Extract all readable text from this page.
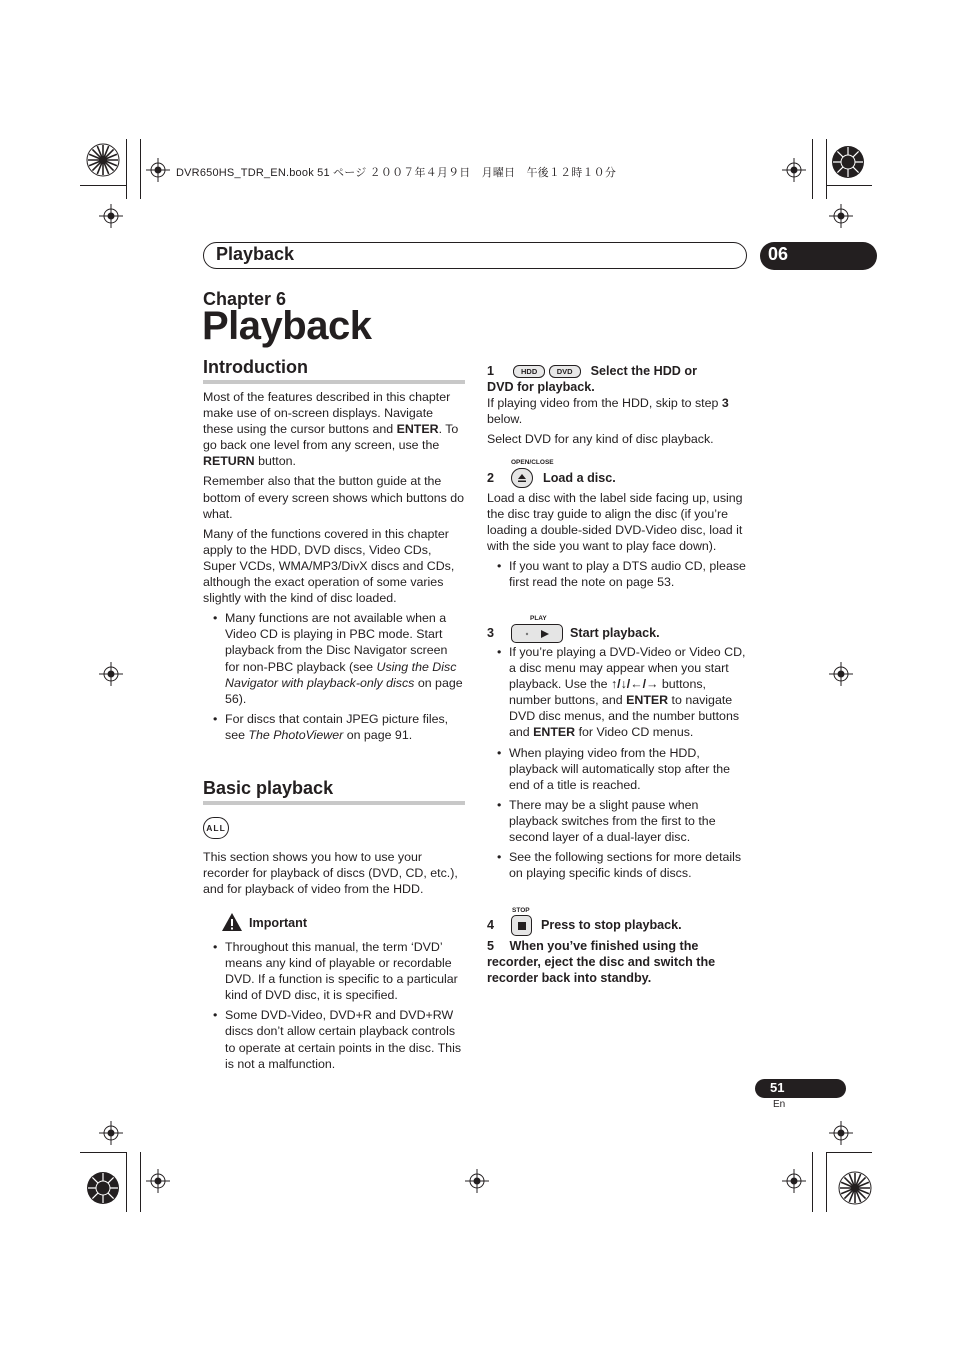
DVR650HS_TDR_EN.book 51 ページ ２００７年４月９日　月曜日　午後１２時１０分
Playback	06
Chapter 6
Playback
Introduction

Most of the features described in this chapter make use of on-screen displays. Navigate these using the cursor buttons and ENTER. To go back one level from any screen, use the RETURN button.

Remember also that the button guide at the bottom of every screen shows which buttons do what.

Many of the functions covered in this chapter apply to the HDD, DVD discs, Video CDs, Super VCDs, WMA/MP3/DivX discs and CDs, although the exact operation of some varies slightly with the kind of disc loaded.

• Many functions are not available when a Video CD is playing in PBC mode. Start playback from the Disc Navigator screen for non-PBC playback (see Using the Disc Navigator with playback-only discs on page 56).
• For discs that contain JPEG picture files, see The PhotoViewer on page 91.
Basic playback
ALL

This section shows you how to use your recorder for playback of discs (DVD, CD, etc.), and for playback of video from the HDD.

Important
• Throughout this manual, the term ‘DVD’ means any kind of playable or recordable DVD. If a function is specific to a particular kind of DVD disc, it is specified.
• Some DVD-Video, DVD+R and DVD+RW discs don’t allow certain playback controls to operate at certain points in the disc. This is not a malfunction.
1	HDD	DVD Select the HDD or
DVD for playback.

If playing video from the HDD, skip to step 3 below.

Select DVD for any kind of disc playback.

OPEN/CLOSE
2	Load a disc.

Load a disc with the label side facing up, using the disc tray guide to align the disc (if you’re loading a double-sided DVD-Video disc, load it with the side you want to play face down).

• If you want to play a DTS audio CD, please first read the note on page 53.
PLAY
3	Start playback.
• If you’re playing a DVD-Video or Video CD, a disc menu may appear when you start playback. Use the ↑/↓/←/→ buttons, number buttons, and ENTER to navigate DVD disc menus, and the number buttons and ENTER for Video CD menus.
• When playing video from the HDD, playback will automatically stop after the end of a title is reached.
• There may be a slight pause when playback switches from the first to the second layer of a dual-layer disc.
• See the following sections for more details on playing specific kinds of discs.
STOP
4	Press to stop playback.
5 When you’ve finished using the recorder, eject the disc and switch the recorder back into standby.
51
En
